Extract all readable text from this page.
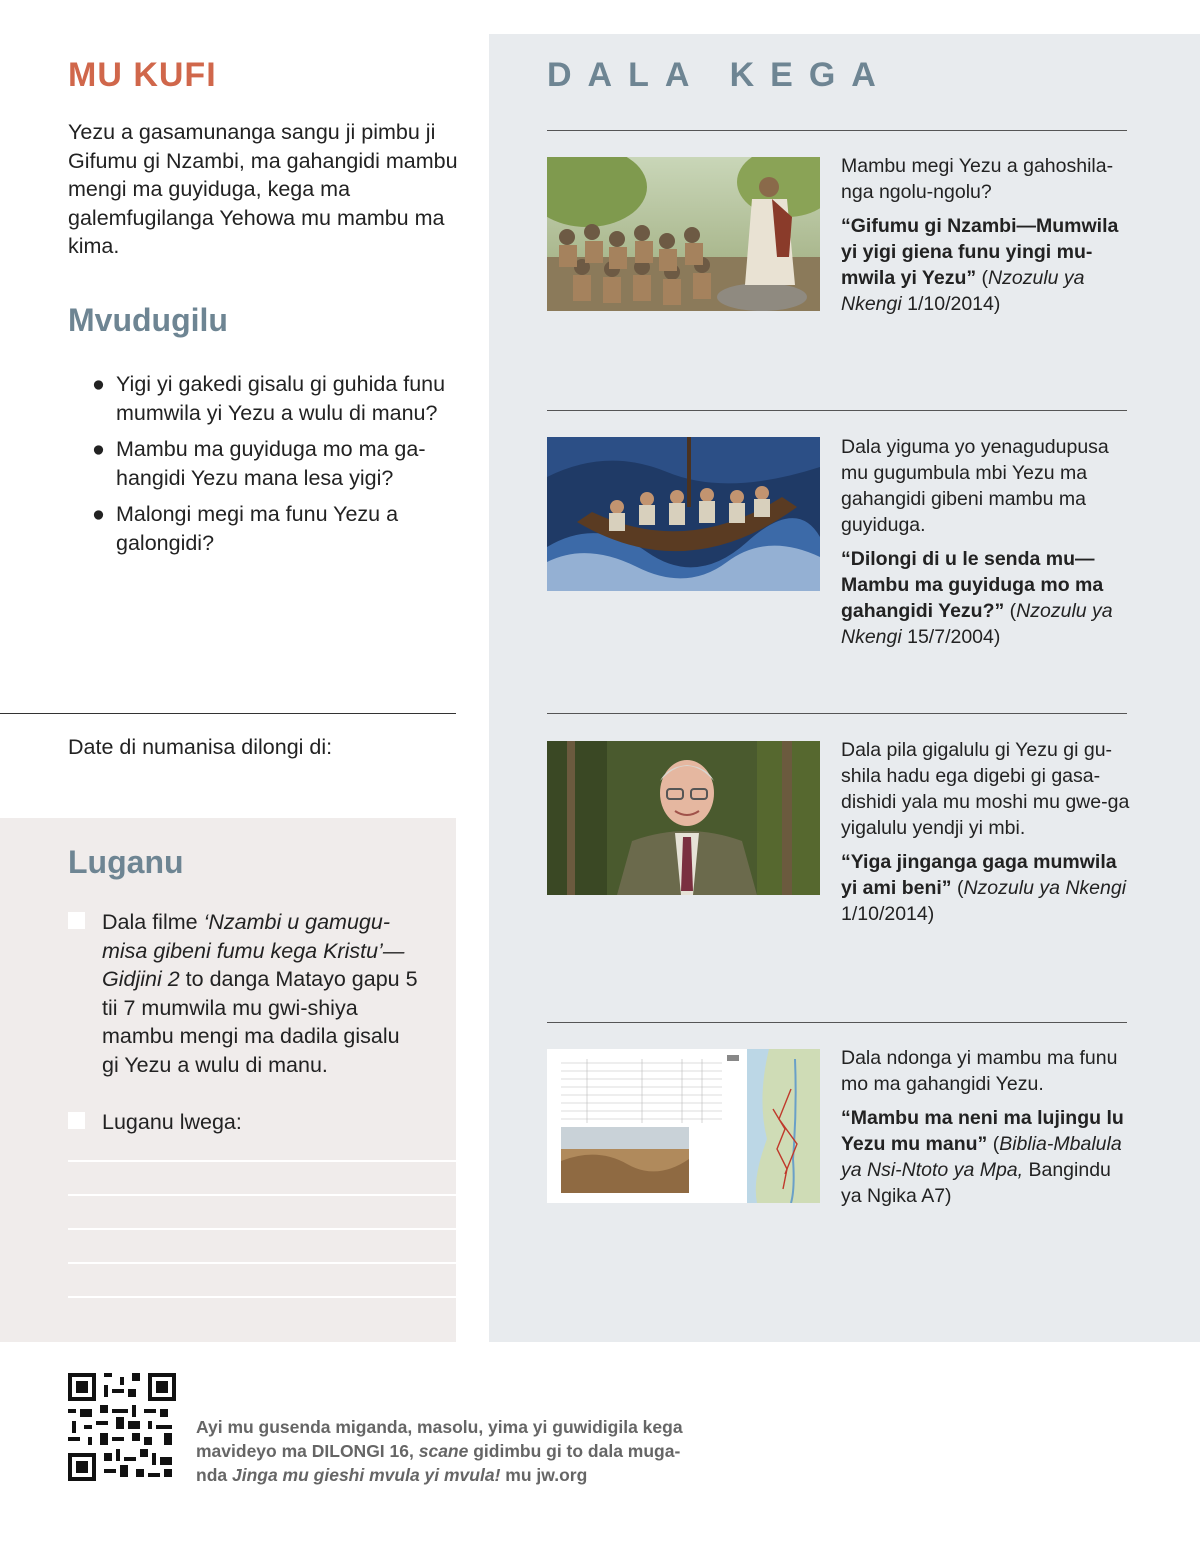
MU KUFI

Yezu a gasamunanga sangu ji pimbu ji Gifumu gi Nzambi, ma gahangidi mambu mengi ma guyiduga, kega ma galemfugilanga Yehowa mu mambu ma kima.

Mvudugilu
● Yigi yi gakedi gisalu gi guhida funu mumwila yi Yezu a wulu di manu?
● Mambu ma guyiduga mo ma ga-hangidi Yezu mana lesa yigi?
● Malongi megi ma funu Yezu a galongidi?
Date di numanisa dilongi di:
Luganu
Dala filme ‘Nzambi u gamugu-misa gibeni fumu kega Kristu’—Gidjini 2 to danga Matayo gapu 5 tii 7 mumwila mu gwi-shiya mambu mengi ma dadila gisalu gi Yezu a wulu di manu.
Luganu lwega:
DALA KEGA

Mambu megi Yezu a gahoshila-nga ngolu-ngolu?

“Gifumu gi Nzambi—Mumwila yi yigi giena funu yingi mu-mwila yi Yezu” (Nzozulu ya Nkengi 1/10/2014)

Dala yiguma yo yenagudupusa mu gugumbula mbi Yezu ma gahangidi gibeni mambu ma guyiduga.

“Dilongi di u le senda mu—Mambu ma guyiduga mo ma gahangidi Yezu?” (Nzozulu ya Nkengi 15/7/2004)

Dala pila gigalulu gi Yezu gi gu-shila hadu ega digebi gi gasa-dishidi yala mu moshi mu gwe-ga yigalulu yendji yi mbi.

“Yiga jinganga gaga mumwila yi ami beni” (Nzozulu ya Nkengi 1/10/2014)

Dala ndonga yi mambu ma funu mo ma gahangidi Yezu.

“Mambu ma neni ma lujingu lu Yezu mu manu” (Biblia-Mbalula ya Nsi-Ntoto ya Mpa, Bangindu ya Ngika A7)

Ayi mu gusenda miganda, masolu, yima yi guwidigila kega mavideyo ma DILONGI 16, scane gidimbu gi to dala muga-nda Jinga mu gieshi mvula yi mvula! mu jw.org
